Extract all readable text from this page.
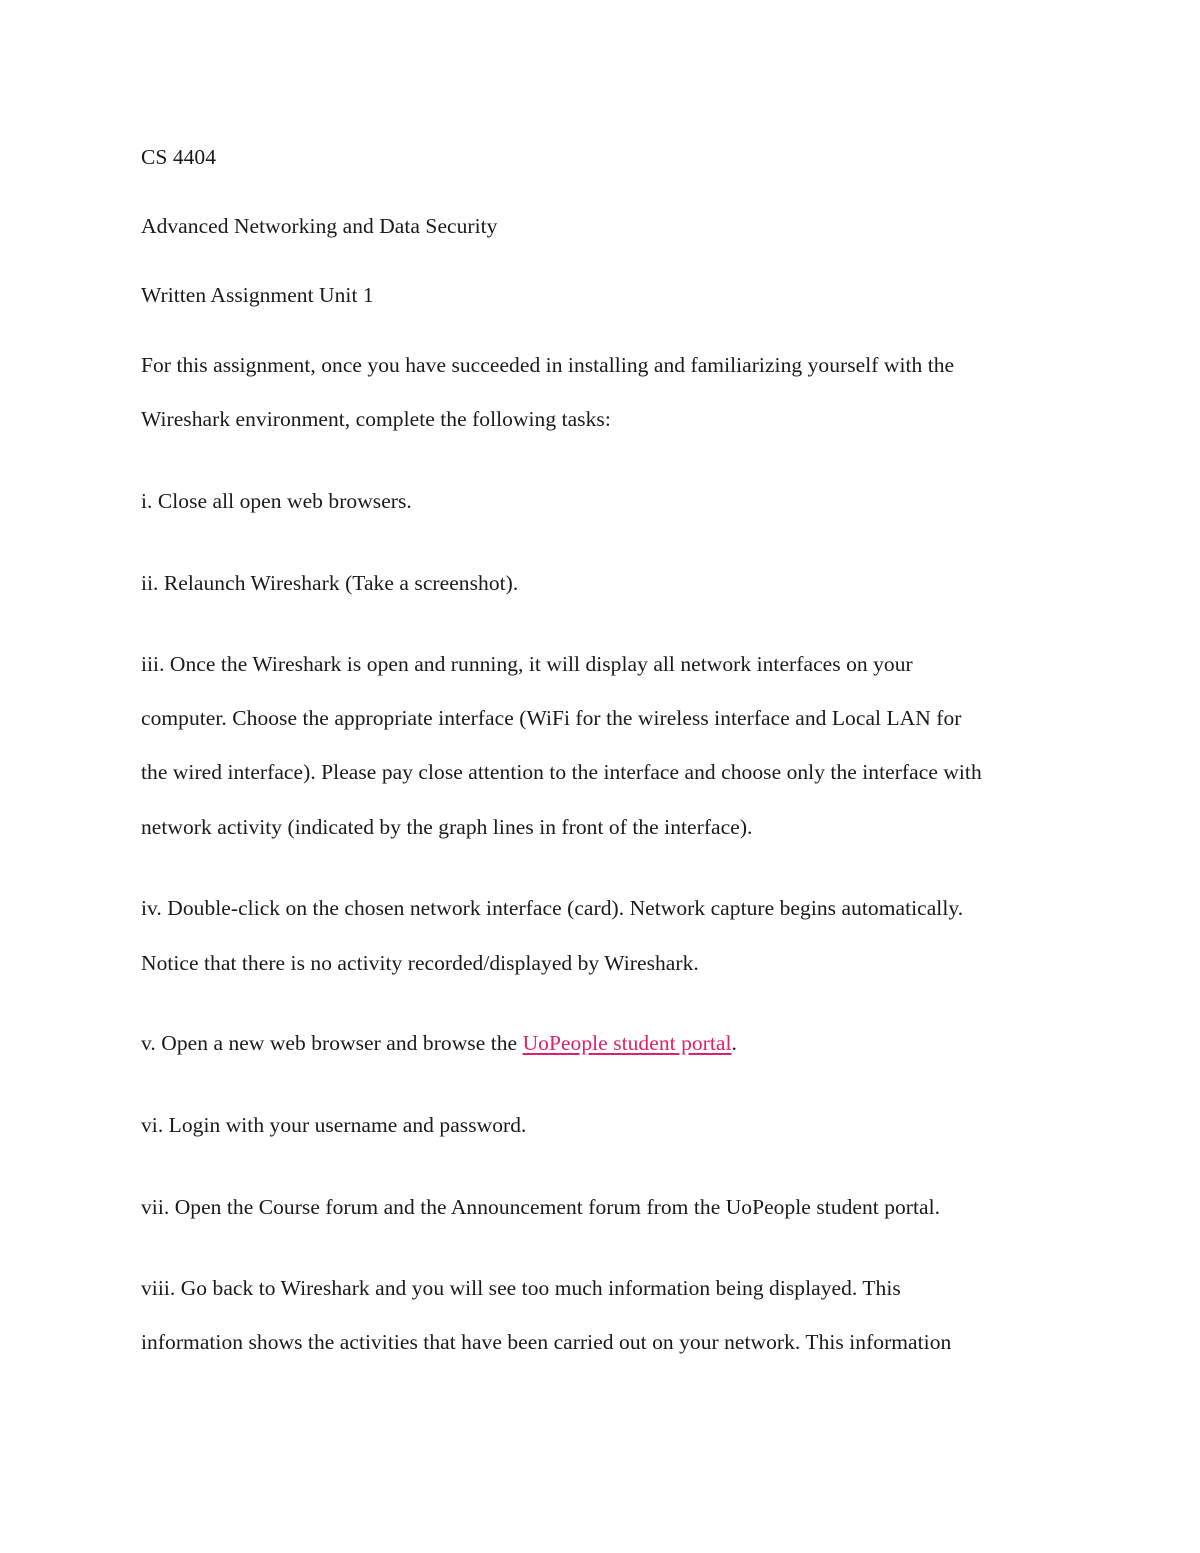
CS 4404
Advanced Networking and Data Security
Written Assignment Unit 1
For this assignment, once you have succeeded in installing and familiarizing yourself with the
Wireshark environment, complete the following tasks:
i. Close all open web browsers.
ii. Relaunch Wireshark (Take a screenshot).
iii. Once the Wireshark is open and running, it will display all network interfaces on your
computer. Choose the appropriate interface (WiFi for the wireless interface and Local LAN for
the wired interface). Please pay close attention to the interface and choose only the interface with
network activity (indicated by the graph lines in front of the interface).
iv. Double-click on the chosen network interface (card). Network capture begins automatically.
Notice that there is no activity recorded/displayed by Wireshark.
v. Open a new web browser and browse the UoPeople student portal.
vi. Login with your username and password.
vii. Open the Course forum and the Announcement forum from the UoPeople student portal.
viii. Go back to Wireshark and you will see too much information being displayed. This
information shows the activities that have been carried out on your network. This information
